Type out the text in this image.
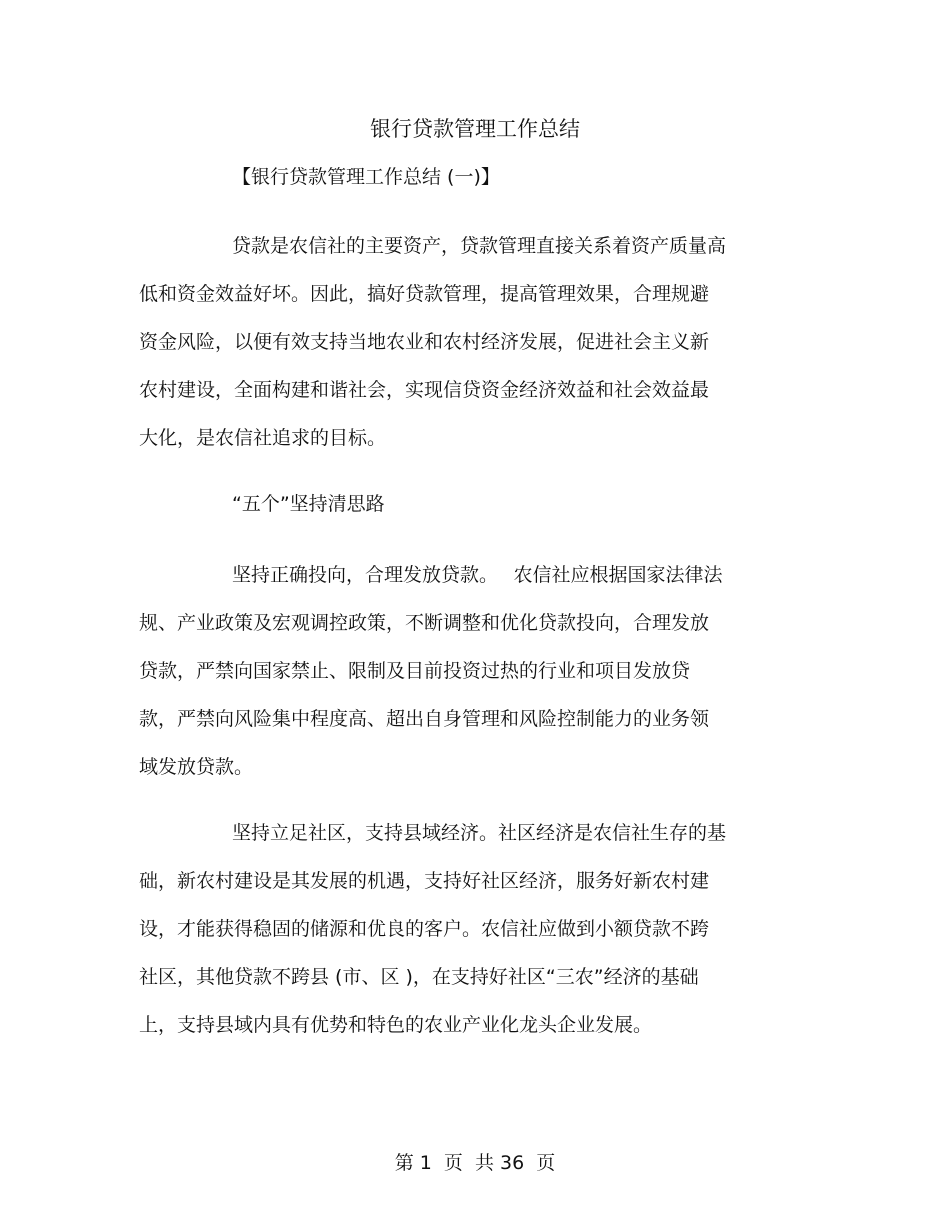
银行贷款管理工作总结
【银行贷款管理工作总结 (一)】

贷款是农信社的主要资产，贷款管理直接关系着资产质量高
低和资金效益好坏。因此，搞好贷款管理，提高管理效果，合理规避
资金风险，以便有效支持当地农业和农村经济发展，促进社会主义新
农村建设，全面构建和谐社会，实现信贷资金经济效益和社会效益最
大化，是农信社追求的目标。

“五个”坚持清思路

坚持正确投向，合理发放贷款。　 农信社应根据国家法律法
规、产业政策及宏观调控政策，不断调整和优化贷款投向，合理发放
贷款，严禁向国家禁止、限制及目前投资过热的行业和项目发放贷
款，严禁向风险集中程度高、超出自身管理和风险控制能力的业务领
域发放贷款。

坚持立足社区，支持县域经济。社区经济是农信社生存的基
础，新农村建设是其发展的机遇，支持好社区经济，服务好新农村建
设，才能获得稳固的储源和优良的客户。农信社应做到小额贷款不跨
社区，其他贷款不跨县 (市、区 )，在支持好社区“三农”经济的基础
上，支持县域内具有优势和特色的农业产业化龙头企业发展。

第 1  页  共 36  页
